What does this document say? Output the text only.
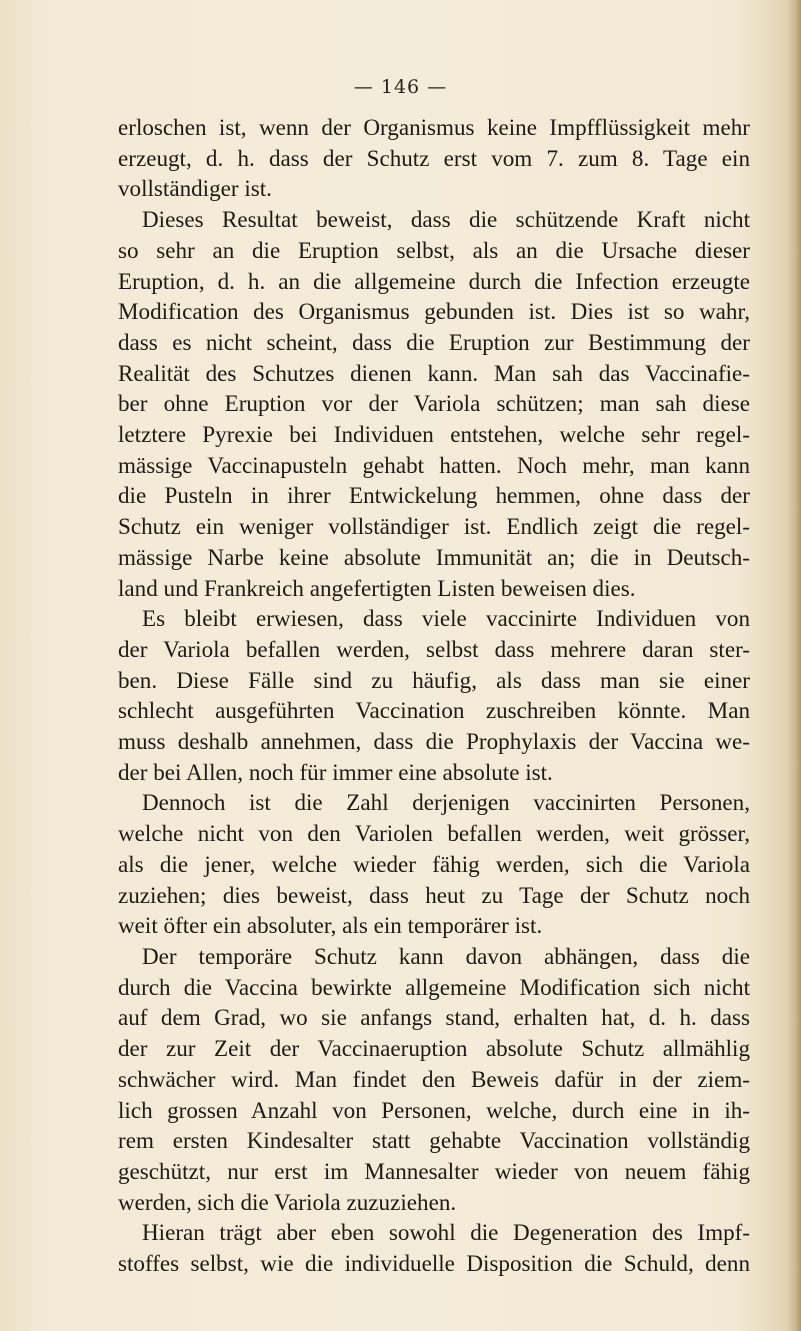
— 146 —

erloschen ist, wenn der Organismus keine Impfflüssigkeit mehr
erzeugt, d. h. dass der Schutz erst vom 7. zum 8. Tage ein
vollständiger ist.

Dieses Resultat beweist, dass die schützende Kraft nicht
so sehr an die Eruption selbst, als an die Ursache dieser
Eruption, d. h. an die allgemeine durch die Infection erzeugte
Modification des Organismus gebunden ist. Dies ist so wahr,
dass es nicht scheint, dass die Eruption zur Bestimmung der
Realität des Schutzes dienen kann. Man sah das Vaccinafie-
ber ohne Eruption vor der Variola schützen; man sah diese
letztere Pyrexie bei Individuen entstehen, welche sehr regel-
mässige Vaccinapusteln gehabt hatten. Noch mehr, man kann
die Pusteln in ihrer Entwickelung hemmen, ohne dass der
Schutz ein weniger vollständiger ist. Endlich zeigt die regel-
mässige Narbe keine absolute Immunität an; die in Deutsch-
land und Frankreich angefertigten Listen beweisen dies.

Es bleibt erwiesen, dass viele vaccinirte Individuen von
der Variola befallen werden, selbst dass mehrere daran ster-
ben. Diese Fälle sind zu häufig, als dass man sie einer
schlecht ausgeführten Vaccination zuschreiben könnte. Man
muss deshalb annehmen, dass die Prophylaxis der Vaccina we-
der bei Allen, noch für immer eine absolute ist.

Dennoch ist die Zahl derjenigen vaccinirten Personen,
welche nicht von den Variolen befallen werden, weit grösser,
als die jener, welche wieder fähig werden, sich die Variola
zuziehen; dies beweist, dass heut zu Tage der Schutz noch
weit öfter ein absoluter, als ein temporärer ist.

Der temporäre Schutz kann davon abhängen, dass die
durch die Vaccina bewirkte allgemeine Modification sich nicht
auf dem Grad, wo sie anfangs stand, erhalten hat, d. h. dass
der zur Zeit der Vaccinaeruption absolute Schutz allmählig
schwächer wird. Man findet den Beweis dafür in der ziem-
lich grossen Anzahl von Personen, welche, durch eine in ih-
rem ersten Kindesalter statt gehabte Vaccination vollständig
geschützt, nur erst im Mannesalter wieder von neuem fähig
werden, sich die Variola zuzuziehen.

Hieran trägt aber eben sowohl die Degeneration des Impf-
stoffes selbst, wie die individuelle Disposition die Schuld, denn
